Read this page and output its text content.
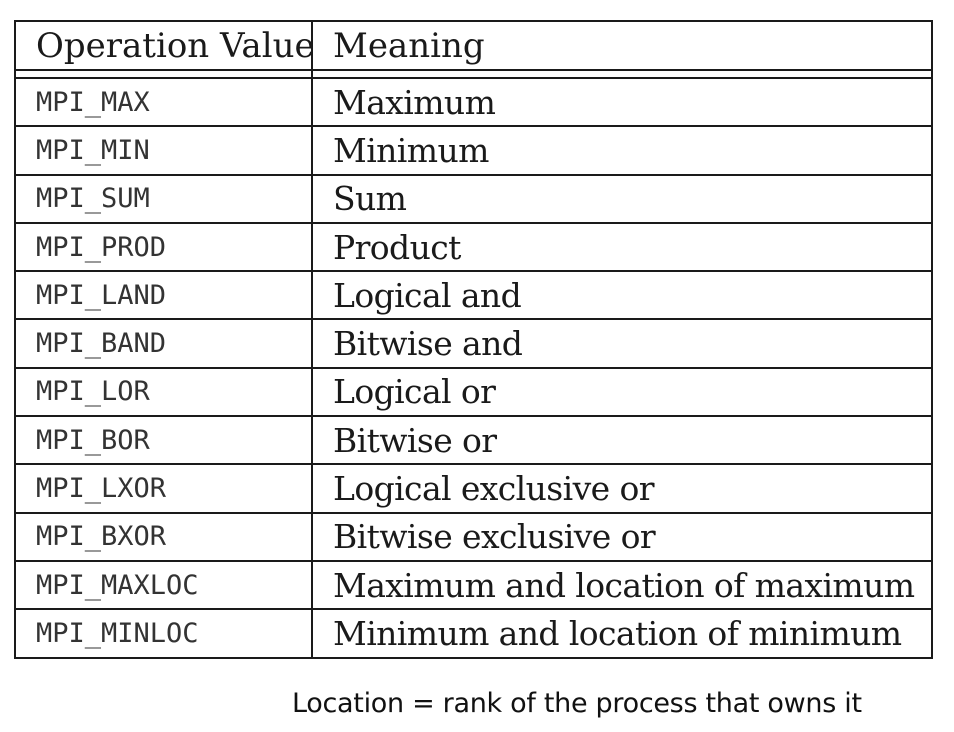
Operation Value	Meaning

MPI_MAX	Maximum
MPI_MIN	Minimum
MPI_SUM	Sum
MPI_PROD	Product
MPI_LAND	Logical and
MPI_BAND	Bitwise and
MPI_LOR	Logical or
MPI_BOR	Bitwise or
MPI_LXOR	Logical exclusive or
MPI_BXOR	Bitwise exclusive or
MPI_MAXLOC	Maximum and location of maximum
MPI_MINLOC	Minimum and location of minimum
Location = rank of the process that owns it
